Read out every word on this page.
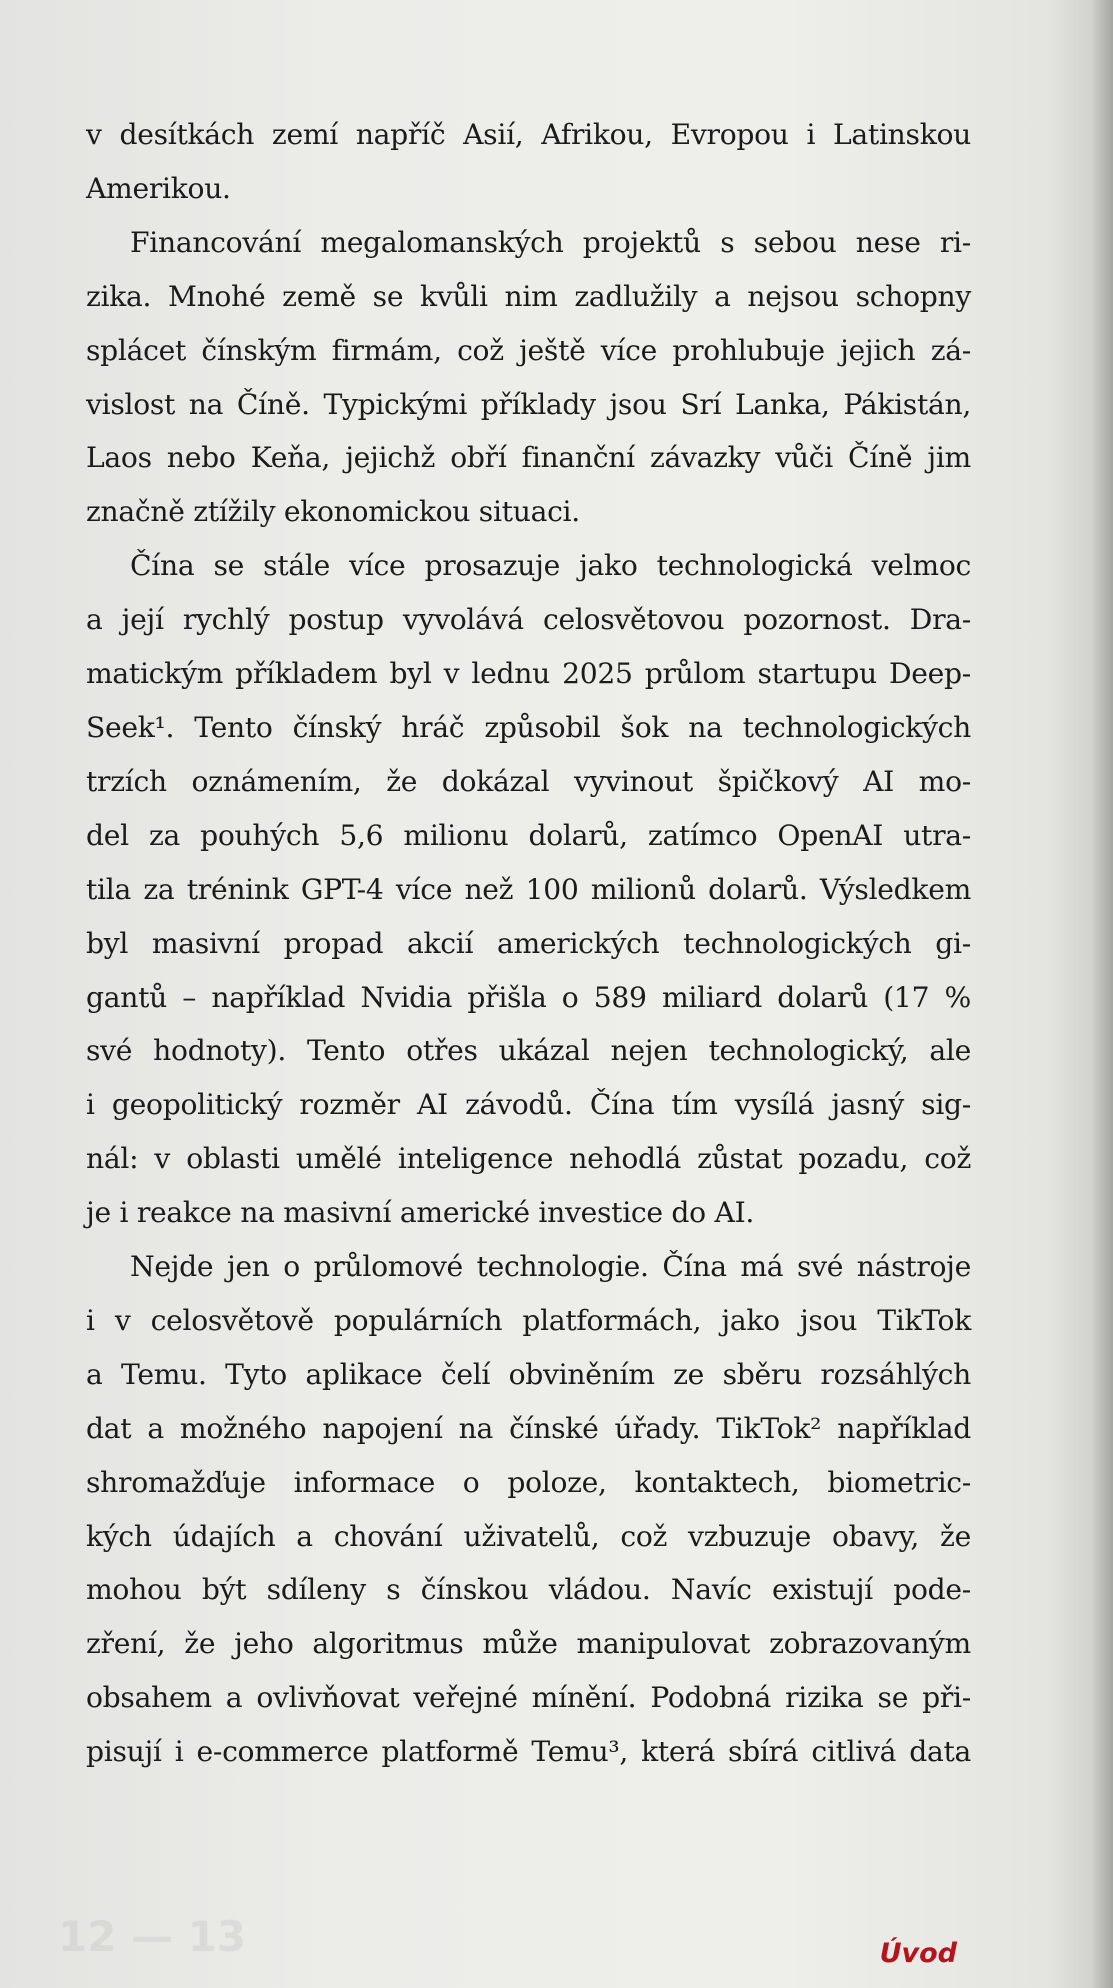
12 — 13
v desítkách zemí napříč Asií, Afrikou, Evropou i Latinskou
Amerikou.
Financování megalomanských projektů s sebou nese ri-
zika. Mnohé země se kvůli nim zadlužily a nejsou schopny
splácet čínským firmám, což ještě více prohlubuje jejich zá-
vislost na Číně. Typickými příklady jsou Srí Lanka, Pákistán,
Laos nebo Keňa, jejichž obří finanční závazky vůči Číně jim
značně ztížily ekonomickou situaci.
Čína se stále více prosazuje jako technologická velmoc
a její rychlý postup vyvolává celosvětovou pozornost. Dra-
matickým příkladem byl v lednu 2025 průlom startupu Deep-
Seek¹. Tento čínský hráč způsobil šok na technologických
trzích oznámením, že dokázal vyvinout špičkový AI mo-
del za pouhých 5,6 milionu dolarů, zatímco OpenAI utra-
tila za trénink GPT-4 více než 100 milionů dolarů. Výsledkem
byl masivní propad akcií amerických technologických gi-
gantů – například Nvidia přišla o 589 miliard dolarů (17 %
své hodnoty). Tento otřes ukázal nejen technologický, ale
i geopolitický rozměr AI závodů. Čína tím vysílá jasný sig-
nál: v oblasti umělé inteligence nehodlá zůstat pozadu, což
je i reakce na masivní americké investice do AI.
Nejde jen o průlomové technologie. Čína má své nástroje
i v celosvětově populárních platformách, jako jsou TikTok
a Temu. Tyto aplikace čelí obviněním ze sběru rozsáhlých
dat a možného napojení na čínské úřady. TikTok² například
shromažďuje informace o poloze, kontaktech, biometric-
kých údajích a chování uživatelů, což vzbuzuje obavy, že
mohou být sdíleny s čínskou vládou. Navíc existují pode-
zření, že jeho algoritmus může manipulovat zobrazovaným
obsahem a ovlivňovat veřejné mínění. Podobná rizika se při-
pisují i e-commerce platformě Temu³, která sbírá citlivá data
Úvod
